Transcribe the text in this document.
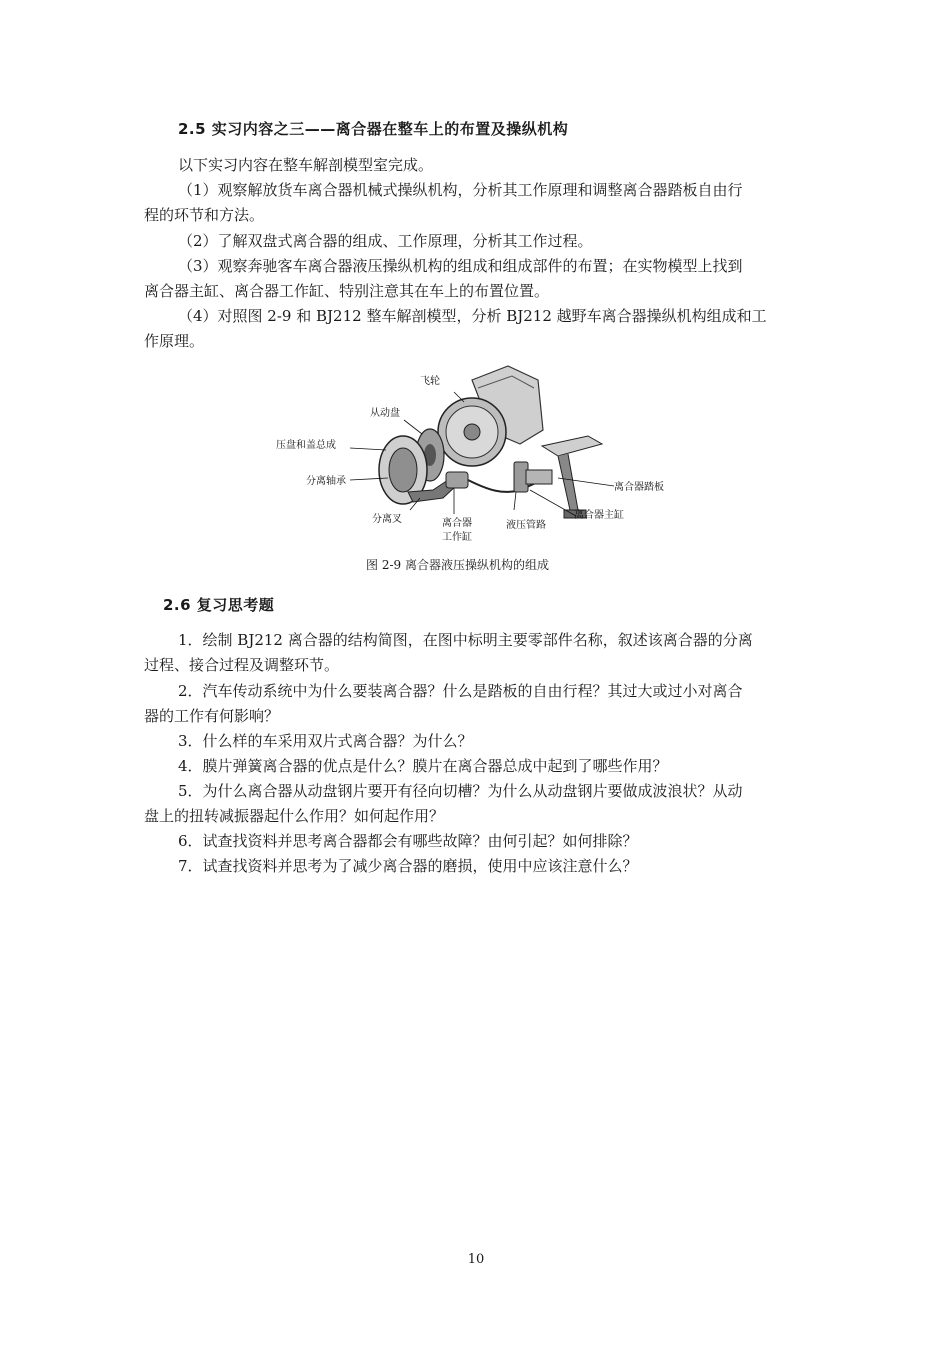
2.5 实习内容之三——离合器在整车上的布置及操纵机构
以下实习内容在整车解剖模型室完成。
（1）观察解放货车离合器机械式操纵机构，分析其工作原理和调整离合器踏板自由行
程的环节和方法。
（2）了解双盘式离合器的组成、工作原理，分析其工作过程。
（3）观察奔驰客车离合器液压操纵机构的组成和组成部件的布置；在实物模型上找到
离合器主缸、离合器工作缸、特别注意其在车上的布置位置。
（4）对照图 2-9 和 BJ212 整车解剖模型，分析 BJ212 越野车离合器操纵机构组成和工
作原理。
飞轮
从动盘
压盘和盖总成
分离轴承
分离叉	离合器
工作缸
液压管路
离合器主缸
离合器踏板
图 2-9 离合器液压操纵机构的组成
2.6 复习思考题
1．绘制 BJ212 离合器的结构简图，在图中标明主要零部件名称，叙述该离合器的分离
过程、接合过程及调整环节。
2．汽车传动系统中为什么要装离合器？什么是踏板的自由行程？其过大或过小对离合
器的工作有何影响？
3．什么样的车采用双片式离合器？为什么？
4．膜片弹簧离合器的优点是什么？膜片在离合器总成中起到了哪些作用？
5．为什么离合器从动盘钢片要开有径向切槽？为什么从动盘钢片要做成波浪状？从动
盘上的扭转减振器起什么作用？如何起作用？
6．试查找资料并思考离合器都会有哪些故障？由何引起？如何排除？
7．试查找资料并思考为了减少离合器的磨损，使用中应该注意什么？
10
